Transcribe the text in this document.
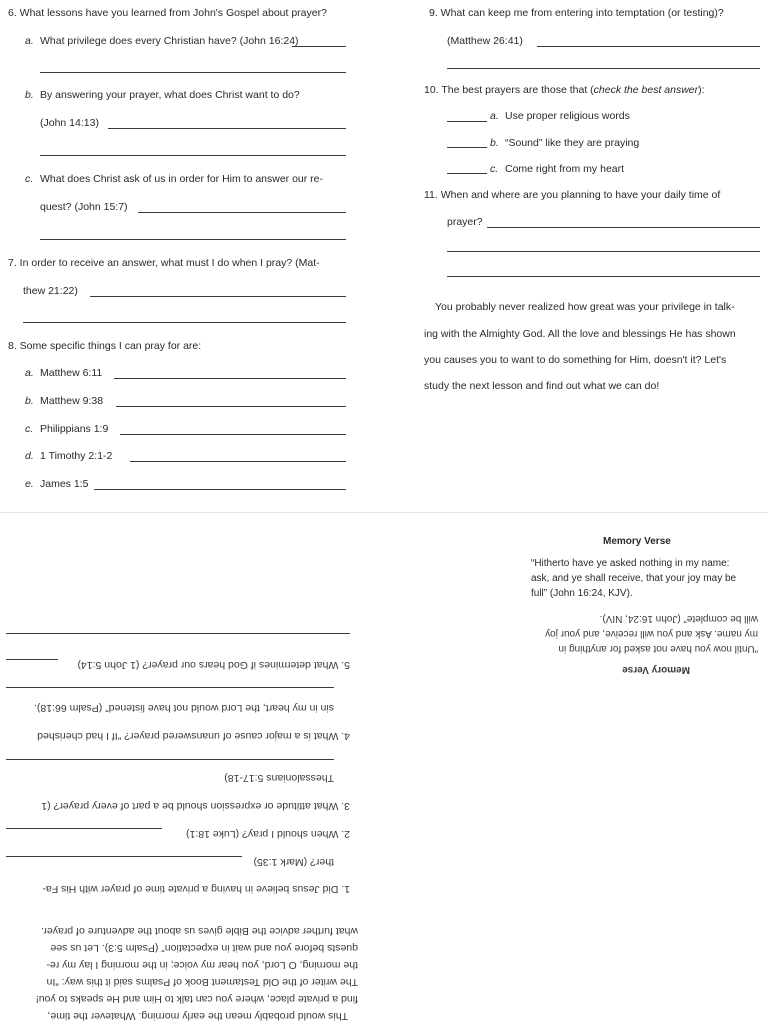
6. What lessons have you learned from John's Gospel about prayer?
a. What privilege does every Christian have? (John 16:24)
b. By answering your prayer, what does Christ want to do?
(John 14:13)
c. What does Christ ask of us in order for Him to answer our re-
quest? (John 15:7)
7. In order to receive an answer, what must I do when I pray? (Mat-
thew 21:22)
8. Some specific things I can pray for are:
a. Matthew 6:11
b. Matthew 9:38
c. Philippians 1:9
d. 1 Timothy 2:1-2
e. James 1:5
9. What can keep me from entering into temptation (or testing)?
(Matthew 26:41)
10. The best prayers are those that (check the best answer):
a. Use proper religious words
b. “Sound” like they are praying
c. Come right from my heart
11. When and where are you planning to have your daily time of
prayer?
You probably never realized how great was your privilege in talk-
ing with the Almighty God. All the love and blessings He has shown
you causes you to want to do something for Him, doesn't it? Let's
study the next lesson and find out what we can do!
Memory Verse
“Hitherto have ye asked nothing in my name:
ask, and ye shall receive, that your joy may be
full” (John 16:24, KJV).
Memory Verse
“Until now you have not asked for anything in
my name. Ask and you will receive, and your joy
will be complete” (John 16:24, NIV).
1. Did Jesus believe in having a private time of prayer with His Fa-
ther? (Mark 1:35)
2. When should I pray? (Luke 18:1)
3. What attitude or expression should be a part of every prayer? (1
Thessalonians 5:17-18)
4. What is a major cause of unanswered prayer? “If I had cherished
sin in my heart, the Lord would not have listened” (Psalm 66:18).
5. What determines if God hears our prayer? (1 John 5:14)
This would probably mean the early morning. Whatever the time,
find a private place, where you can talk to Him and He speaks to you!
The writer of the Old Testament Book of Psalms said it this way: “In
the morning, O Lord, you hear my voice; in the morning I lay my re-
quests before you and wait in expectation” (Psalm 5:3). Let us see
what further advice the Bible gives us about the adventure of prayer.
